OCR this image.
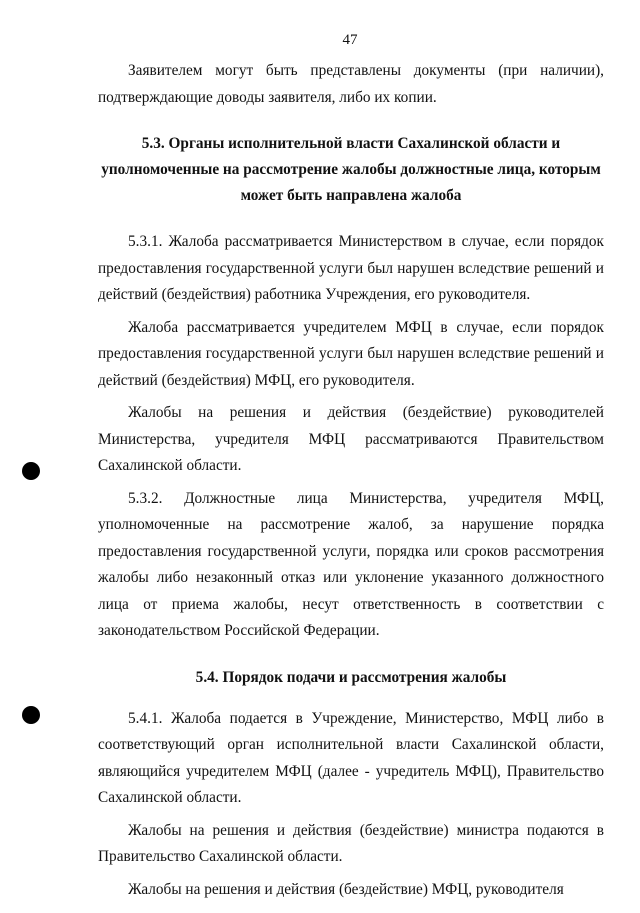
47

Заявителем могут быть представлены документы (при наличии), подтверждающие доводы заявителя, либо их копии.

5.3. Органы исполнительной власти Сахалинской области и уполномоченные на рассмотрение жалобы должностные лица, которым может быть направлена жалоба

5.3.1. Жалоба рассматривается Министерством в случае, если порядок предоставления государственной услуги был нарушен вследствие решений и действий (бездействия) работника Учреждения, его руководителя.

Жалоба рассматривается учредителем МФЦ в случае, если порядок предоставления государственной услуги был нарушен вследствие решений и действий (бездействия) МФЦ, его руководителя.

Жалобы на решения и действия (бездействие) руководителей Министерства, учредителя МФЦ рассматриваются Правительством Сахалинской области.

5.3.2. Должностные лица Министерства, учредителя МФЦ, уполномоченные на рассмотрение жалоб, за нарушение порядка предоставления государственной услуги, порядка или сроков рассмотрения жалобы либо незаконный отказ или уклонение указанного должностного лица от приема жалобы, несут ответственность в соответствии с законодательством Российской Федерации.

5.4. Порядок подачи и рассмотрения жалобы

5.4.1. Жалоба подается в Учреждение, Министерство, МФЦ либо в соответствующий орган исполнительной власти Сахалинской области, являющийся учредителем МФЦ (далее - учредитель МФЦ), Правительство Сахалинской области.

Жалобы на решения и действия (бездействие) министра подаются в Правительство Сахалинской области.

Жалобы на решения и действия (бездействие) МФЦ, руководителя
